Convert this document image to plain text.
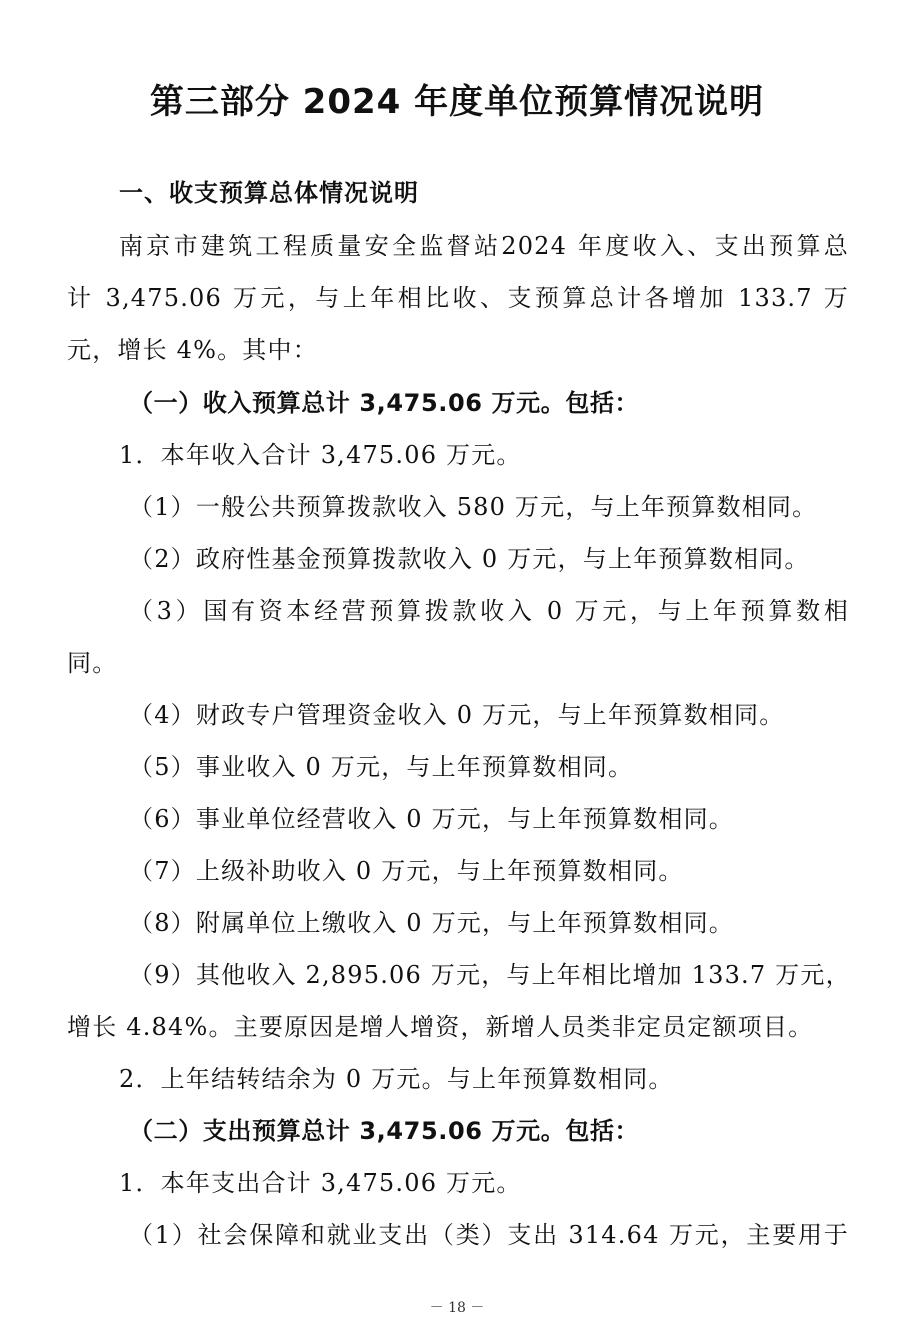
第三部分 2024 年度单位预算情况说明

一、收支预算总体情况说明

南京市建筑工程质量安全监督站2024 年度收入、支出预算总

计 3,475.06 万元，与上年相比收、支预算总计各增加 133.7 万

元，增长 4%。其中：

（一）收入预算总计 3,475.06 万元。包括：

1．本年收入合计 3,475.06 万元。

（1）一般公共预算拨款收入 580 万元，与上年预算数相同。

（2）政府性基金预算拨款收入 0 万元，与上年预算数相同。

（3）国有资本经营预算拨款收入 0 万元，与上年预算数相

同。

（4）财政专户管理资金收入 0 万元，与上年预算数相同。

（5）事业收入 0 万元，与上年预算数相同。

（6）事业单位经营收入 0 万元，与上年预算数相同。

（7）上级补助收入 0 万元，与上年预算数相同。

（8）附属单位上缴收入 0 万元，与上年预算数相同。

（9）其他收入 2,895.06 万元，与上年相比增加 133.7 万元，

增长 4.84%。主要原因是增人增资，新增人员类非定员定额项目。

2．上年结转结余为 0 万元。与上年预算数相同。

（二）支出预算总计 3,475.06 万元。包括：

1．本年支出合计 3,475.06 万元。

（1）社会保障和就业支出（类）支出 314.64 万元，主要用于

－ 18 －
